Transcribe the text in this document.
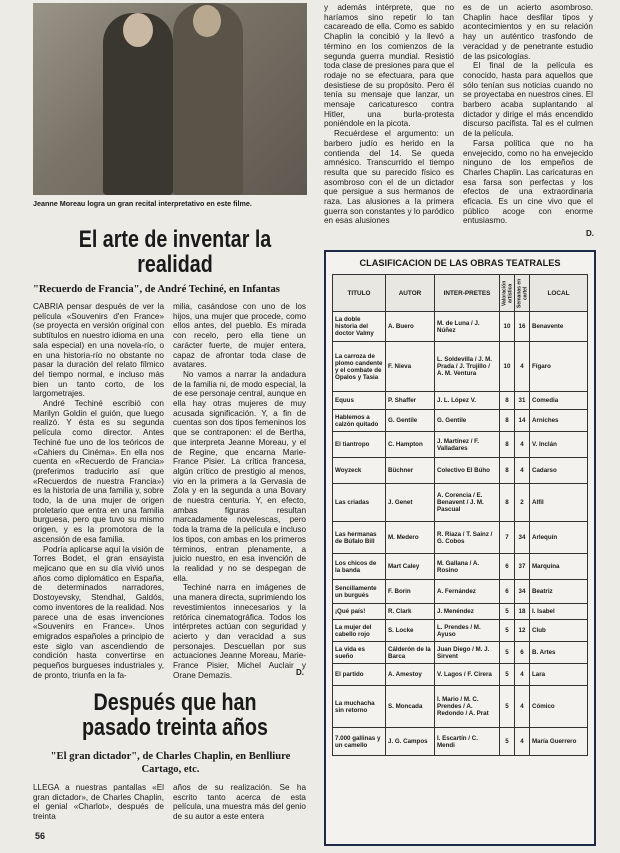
Jeanne Moreau logra un gran recital interpretativo en este filme.
El arte de inventar la realidad
"Recuerdo de Francia", de André Techiné, en Infantas

CABRIA pensar después de ver la película «Souvenirs d'en France» (se proyecta en versión original con subtítulos en nuestro idioma en una sala especial) en una novela-río, o en una historia-río no obstante no pasar la duración del relato fílmico del tiempo normal, e incluso más bien un tanto corto, de los largometrajes.

André Techiné escribió con Marilyn Goldin el guión, que luego realizó. Y ésta es su segunda película como director. Antes Techiné fue uno de los teóricos de «Cahiers du Cinéma». En ella nos cuenta en «Recuerdo de Francia» (preferimos traducirlo así que «Recuerdos de nuestra Francia») es la historia de una familia y, sobre todo, la de una mujer de origen proletario que entra en una familia burguesa, pero que tuvo su mismo origen, y es la promotora de la ascensión de esa familia.

Podría aplicarse aquí la visión de Torres Bodet, el gran ensayista mejicano que en su día vivió unos años como diplomático en España, de determinados narradores, Dostoyevsky, Stendhal, Galdós, como inventores de la realidad. Nos parece una de esas invenciones «Souvenirs en France». Unos emigrados españoles a principio de este siglo van ascendiendo de condición hasta convertirse en pequeños burgueses industriales y, de pronto, triunfa en la fa-

milia, casándose con uno de los hijos, una mujer que procede, como ellos antes, del pueblo. Es mirada con recelo, pero ella tiene un carácter fuerte, de mujer entera, capaz de afrontar toda clase de avatares.

No vamos a narrar la andadura de la familia ni, de modo especial, la de ese personaje central, aunque en ella hay otras mujeres de muy acusada significación. Y, a fin de cuentas son dos tipos femeninos los que se contraponen: el de Bertha, que interpreta Jeanne Moreau, y el de Regine, que encarna Marie-France Pisier. La crítica francesa, algún crítico de prestigio al menos, vio en la primera a la Gervasia de Zola y en la segunda a una Bovary de nuestra centuria. Y, en efecto, ambas figuras resultan marcadamente novelescas, pero toda la trama de la película e incluso los tipos, con ambas en los primeros términos, entran plenamente, a juicio nuestro, en esa invención de la realidad y no se despegan de ella.

Techiné narra en imágenes de una manera directa, suprimiendo los revestimientos innecesarios y la retórica cinematográfica. Todos los intérpretes actúan con seguridad y acierto y dan veracidad a sus personajes. Descuellan por sus actuaciones Jeanne Moreau, Marie-France Pisier, Michel Auclair y Orane Demazis.	D.
Después que han pasado treinta años
"El gran dictador", de Charles Chaplin, en Benlliure Cartago, etc.

LLEGA a nuestras pantallas «El gran dictador», de Charles Chaplin, el genial «Charlot», después de treinta

años de su realización. Se ha escrito tanto acerca de esta película, una muestra más del genio de su autor a este entera

y además intérprete, que no haríamos sino repetir lo tan cacareado de ella. Como es sabido Chaplin la concibió y la llevó a término en los comienzos de la segunda guerra mundial. Resistió toda clase de presiones para que el rodaje no se efectuara, para que desistiese de su propósito. Pero él tenía su mensaje que lanzar, un mensaje caricaturesco contra Hitler, una burla-protesta poniéndole en la picota.

Recuérdese el argumento: un barbero judío es herido en la contienda del 14. Se queda amnésico. Transcurrido el tiempo resulta que su parecido físico es asombroso con el de un dictador que persigue a sus hermanos de raza. Las alusiones a la primera guerra son constantes y lo paródico en esas alusiones

es de un acierto asombroso. Chaplin hace desfilar tipos y acontecimientos y en su relación hay un auténtico trasfondo de veracidad y de penetrante estudio de las psicologías.

El final de la película es conocido, hasta para aquellos que sólo tenían sus noticias cuando no se proyectaba en nuestros cines. El barbero acaba suplantando al dictador y dirige el más encendido discurso pacifista. Tal es el culmen de la película.

Farsa política que no ha envejecido, como no ha envejecido ninguno de los empeños de Charles Chaplin. Las caricaturas en esa farsa son perfectas y los efectos de una extraordinaria eficacia. Es un cine vivo que el público acoge con enorme entusiasmo.

D.
CLASIFICACION DE LAS OBRAS TEATRALES
TITULO	AUTOR	INTER-PRETES	Valoración artística	Semanas en cartel	LOCAL
La doble historia del doctor Valmy	A. Buero	M. de Luna / J. Núñez	10	16	Benavente
La carroza de plomo candente y el combate de Opalos y Tasia	F. Nieva	L. Soldevilla / J. M. Prada / J. Trujillo / A. M. Ventura	10	4	Fígaro
Equus	P. Shaffer	J. L. López V.	8	31	Comedia
Hablemos a calzón quitado	G. Gentile	G. Gentile	8	14	Arniches
El tiantropo	C. Hampton	J. Martínez / F. Valladares	8	4	V. Inclán
Woyzeck	Büchner	Colectivo El Búho	8	4	Cadarso
Las criadas	J. Genet	A. Corencia / E. Benavent / J. M. Pascual	8	2	Alfil
Las hermanas de Búfalo Bill	M. Medero	R. Riaza / T. Sainz / G. Cobos	7	34	Arlequín
Los chicos de la banda	Mart Caley	M. Gallana / A. Rosino	6	37	Marquina
Sencillamente un burgués	F. Borin	A. Fernández	6	34	Beatriz
¡Qué país!	R. Clark	J. Menéndez	5	18	I. Isabel
La mujer del cabello rojo	S. Locke	L. Prendes / M. Ayuso	5	12	Club
La vida es sueño	Cálderón de la Barca	Juan Diego / M. J. Sirvent	5	6	B. Artes
El partido	A. Amestoy	V. Lagos / F. Cirera	5	4	Lara
La muchacha sin retorno	S. Moncada	I. Mario / M. C. Prendes / A. Redondo / A. Prat	5	4	Cómico
7.000 gallinas y un camello	J. G. Campos	I. Escartín / C. Mendi	5	4	María Guerrero
56
